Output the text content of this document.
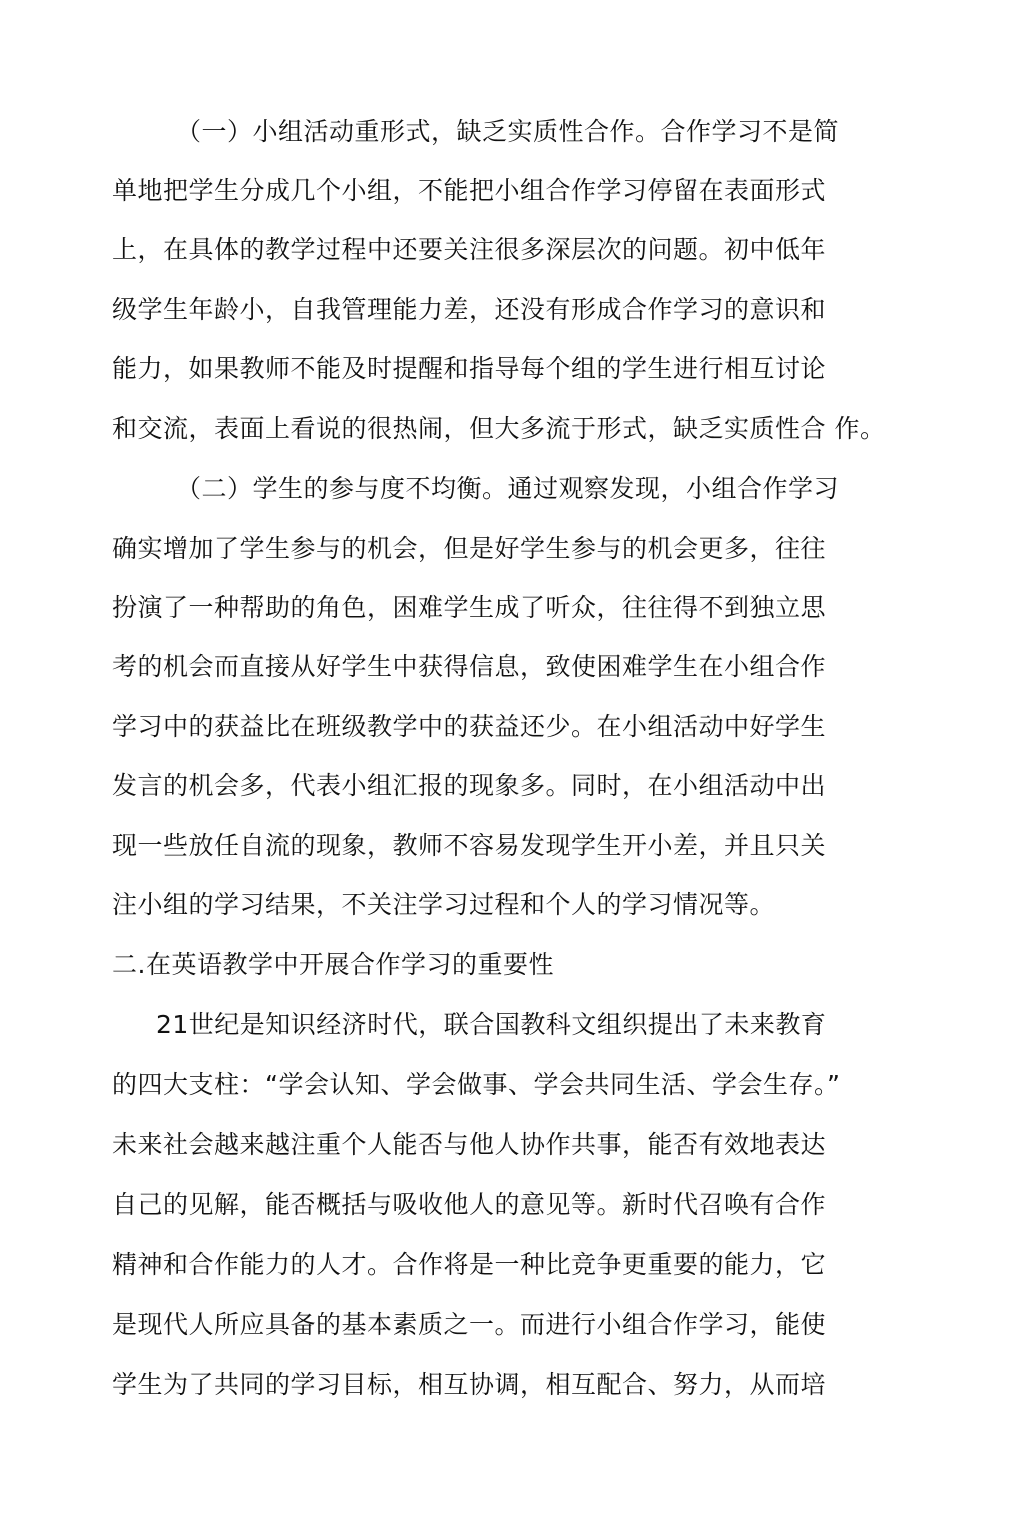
（一）小组活动重形式，缺乏实质性合作。合作学习不是简
单地把学生分成几个小组，不能把小组合作学习停留在表面形式
上，在具体的教学过程中还要关注很多深层次的问题。初中低年
级学生年龄小，自我管理能力差，还没有形成合作学习的意识和
能力，如果教师不能及时提醒和指导每个组的学生进行相互讨论
和交流，表面上看说的很热闹，但大多流于形式，缺乏实质性合 作。
（二）学生的参与度不均衡。通过观察发现，小组合作学习
确实增加了学生参与的机会，但是好学生参与的机会更多，往往
扮演了一种帮助的角色，困难学生成了听众，往往得不到独立思
考的机会而直接从好学生中获得信息，致使困难学生在小组合作
学习中的获益比在班级教学中的获益还少。在小组活动中好学生
发言的机会多，代表小组汇报的现象多。同时，在小组活动中出
现一些放任自流的现象，教师不容易发现学生开小差，并且只关
注小组的学习结果，不关注学习过程和个人的学习情况等。
二.在英语教学中开展合作学习的重要性
21世纪是知识经济时代，联合国教科文组织提出了未来教育
的四大支柱：“学会认知、学会做事、学会共同生活、学会生存。”
未来社会越来越注重个人能否与他人协作共事，能否有效地表达
自己的见解，能否概括与吸收他人的意见等。新时代召唤有合作
精神和合作能力的人才。合作将是一种比竞争更重要的能力，它
是现代人所应具备的基本素质之一。而进行小组合作学习，能使
学生为了共同的学习目标，相互协调，相互配合、努力，从而培
